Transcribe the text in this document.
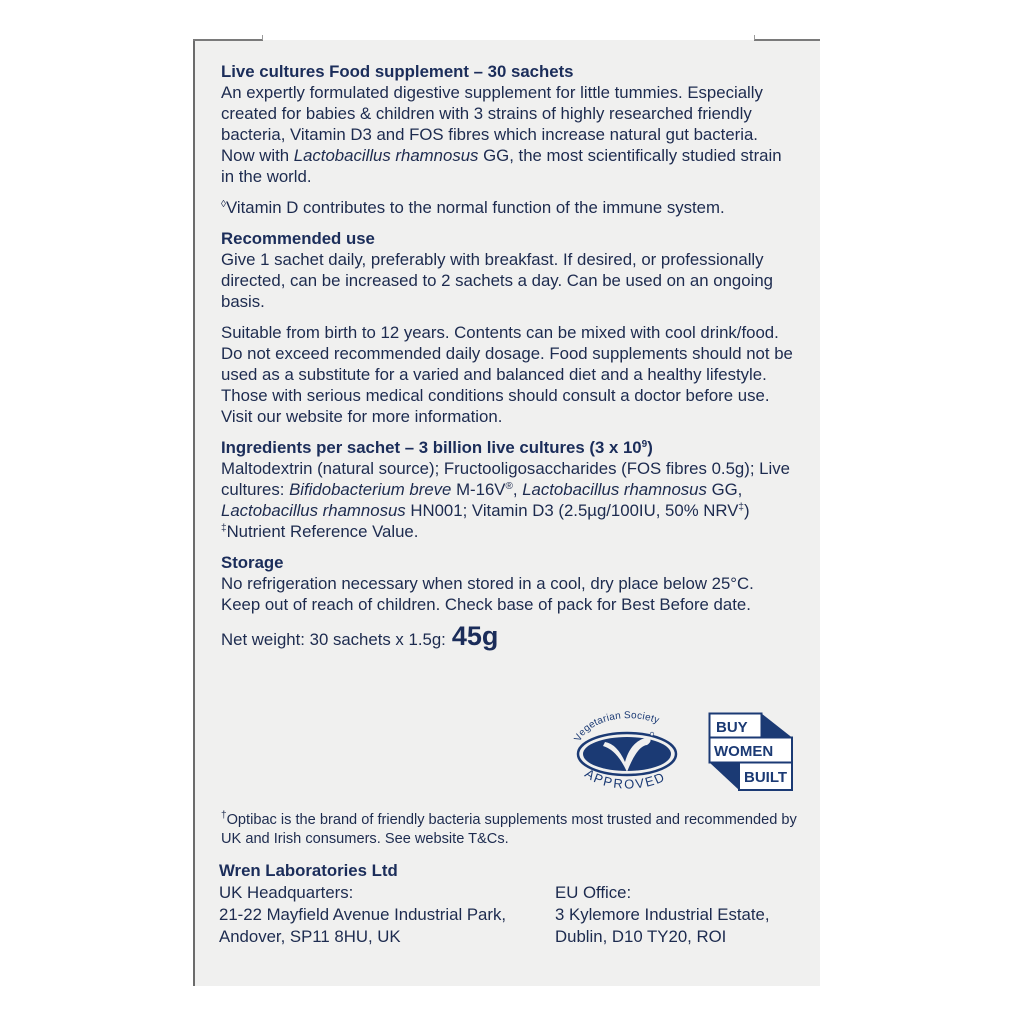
Live cultures Food supplement – 30 sachets

An expertly formulated digestive supplement for little tummies. Especially created for babies & children with 3 strains of highly researched friendly bacteria, Vitamin D3 and FOS fibres which increase natural gut bacteria. Now with Lactobacillus rhamnosus GG, the most scientifically studied strain in the world.

◊Vitamin D contributes to the normal function of the immune system.

Recommended use

Give 1 sachet daily, preferably with breakfast. If desired, or professionally directed, can be increased to 2 sachets a day. Can be used on an ongoing basis.

Suitable from birth to 12 years. Contents can be mixed with cool drink/food. Do not exceed recommended daily dosage. Food supplements should not be used as a substitute for a varied and balanced diet and a healthy lifestyle. Those with serious medical conditions should consult a doctor before use. Visit our website for more information.

Ingredients per sachet – 3 billion live cultures (3 x $10^9$)

Maltodextrin (natural source); Fructooligosaccharides (FOS fibres 0.5g); Live cultures: Bifidobacterium breve M-16V®, Lactobacillus rhamnosus GG, Lactobacillus rhamnosus HN001; Vitamin D3 (2.5µg/100IU, 50% NRV‡) ‡Nutrient Reference Value.

Storage

No refrigeration necessary when stored in a cool, dry place below 25°C. Keep out of reach of children. Check base of pack for Best Before date.

Net weight: 30 sachets x 1.5g: 45g
Vegetarian Society
APPROVED
BUY
WOMEN
BUILT
†Optibac is the brand of friendly bacteria supplements most trusted and recommended by UK and Irish consumers. See website T&Cs.
Wren Laboratories Ltd
UK Headquarters:
21-22 Mayfield Avenue Industrial Park,
Andover, SP11 8HU, UK
EU Office:
3 Kylemore Industrial Estate,
Dublin, D10 TY20, ROI
